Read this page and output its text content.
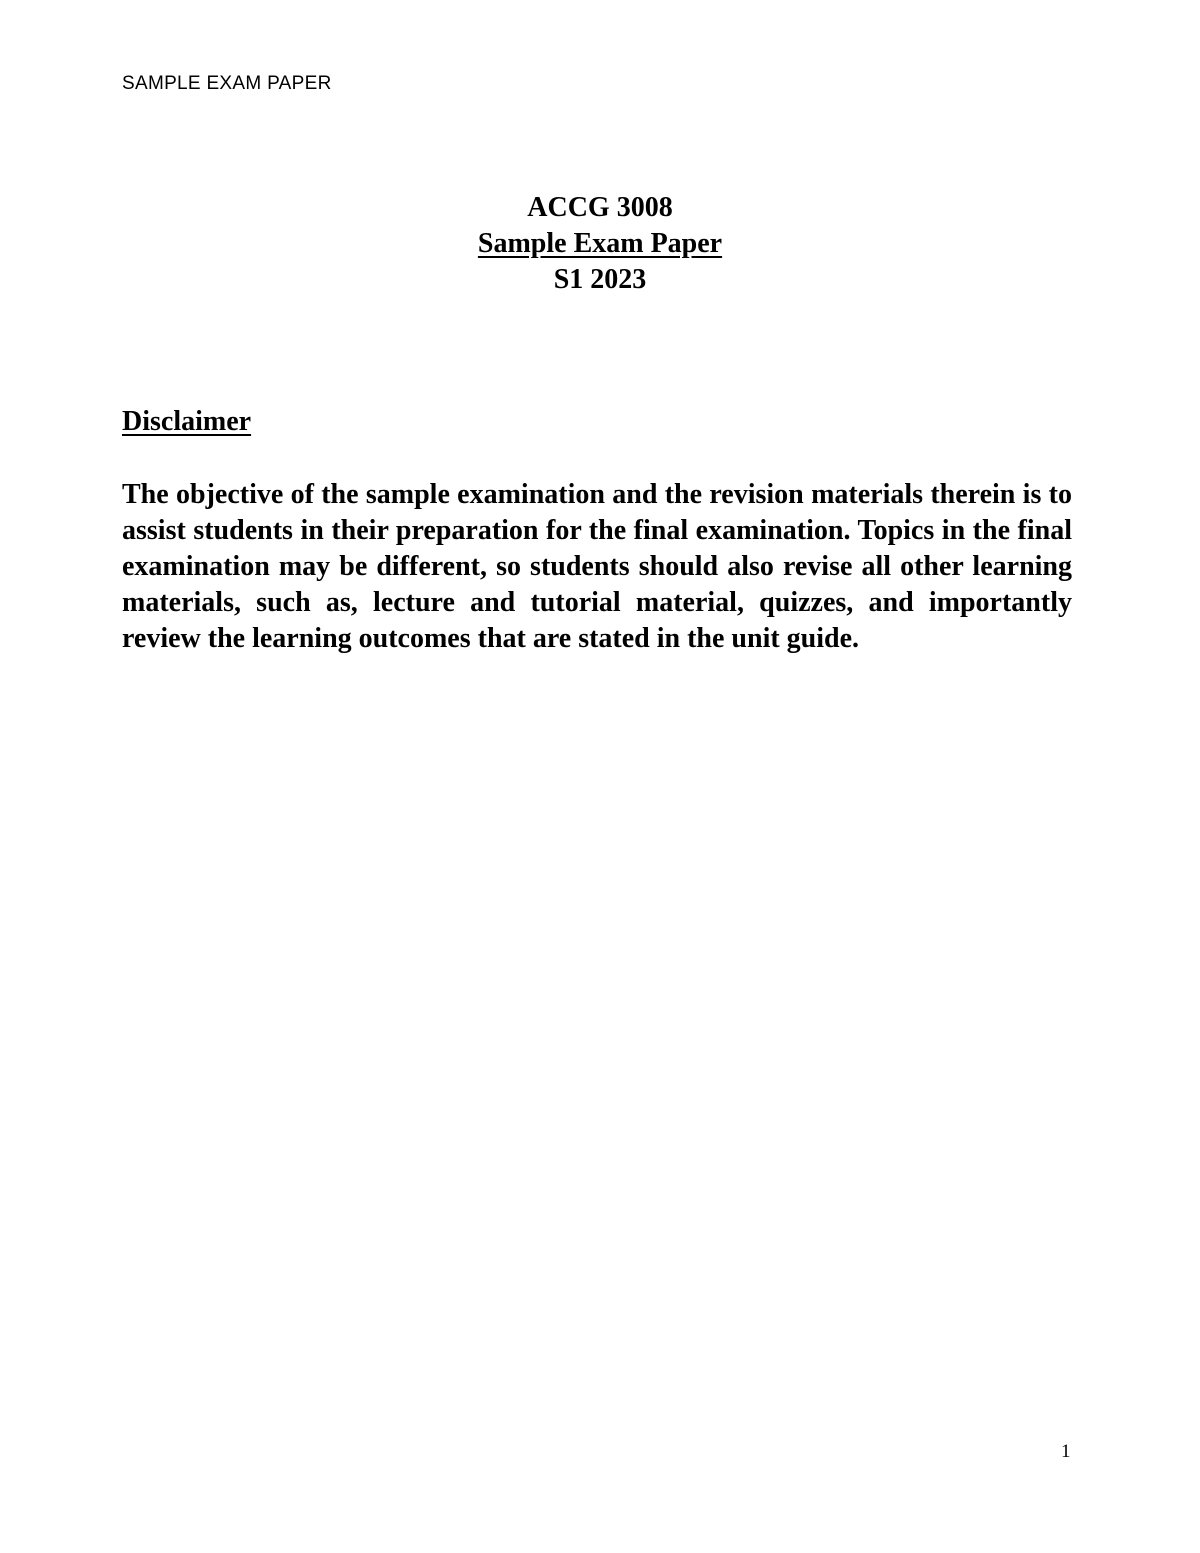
SAMPLE EXAM PAPER
ACCG 3008
Sample Exam Paper
S1 2023
Disclaimer

The objective of the sample examination and the revision materials therein is to assist students in their preparation for the final examination. Topics in the final examination may be different, so students should also revise all other learning materials, such as, lecture and tutorial material, quizzes, and importantly review the learning outcomes that are stated in the unit guide.

1
